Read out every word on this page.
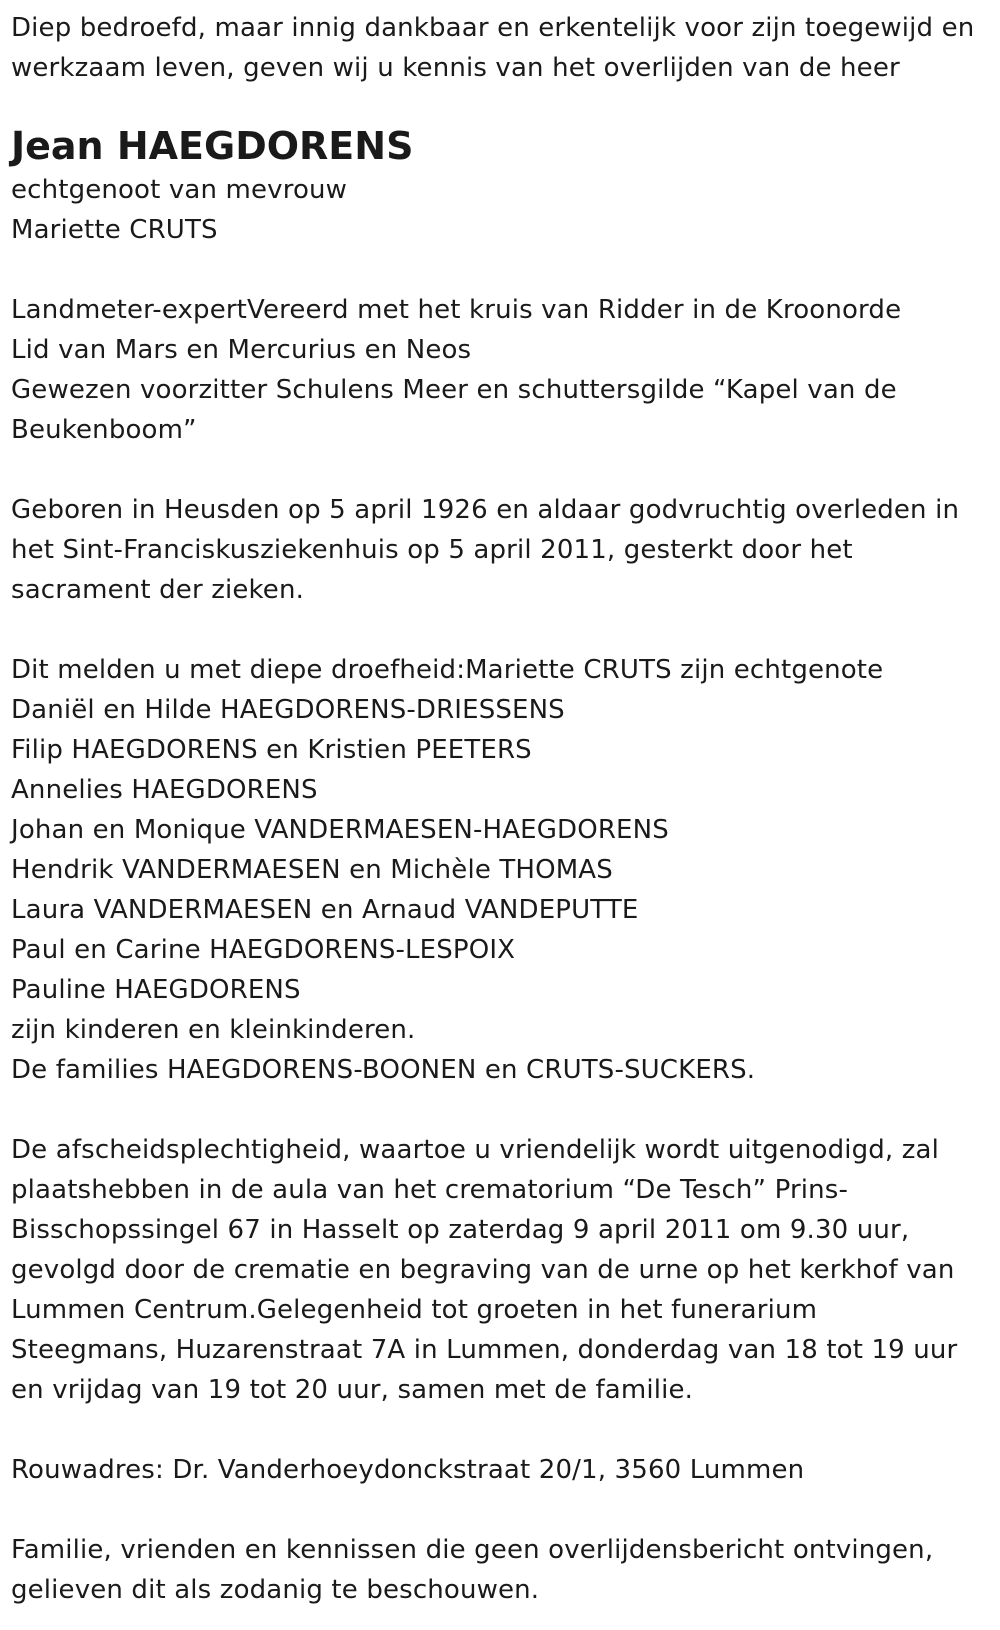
Diep bedroefd, maar innig dankbaar en erkentelijk voor zijn toegewijd en
werkzaam leven, geven wij u kennis van het overlijden van de heer

Jean HAEGDORENS

echtgenoot van mevrouw
Mariette CRUTS

Landmeter-expertVereerd met het kruis van Ridder in de Kroonorde
Lid van Mars en Mercurius en Neos
Gewezen voorzitter Schulens Meer en schuttersgilde “Kapel van de
Beukenboom”

Geboren in Heusden op 5 april 1926 en aldaar godvruchtig overleden in
het Sint-Franciskusziekenhuis op 5 april 2011, gesterkt door het
sacrament der zieken.

Dit melden u met diepe droefheid:Mariette CRUTS zijn echtgenote
Daniël en Hilde HAEGDORENS-DRIESSENS
Filip HAEGDORENS en Kristien PEETERS
Annelies HAEGDORENS
Johan en Monique VANDERMAESEN-HAEGDORENS
Hendrik VANDERMAESEN en Michèle THOMAS
Laura VANDERMAESEN en Arnaud VANDEPUTTE
Paul en Carine HAEGDORENS-LESPOIX
Pauline HAEGDORENS
zijn kinderen en kleinkinderen.
De families HAEGDORENS-BOONEN en CRUTS-SUCKERS.

De afscheidsplechtigheid, waartoe u vriendelijk wordt uitgenodigd, zal
plaatshebben in de aula van het crematorium “De Tesch” Prins-
Bisschopssingel 67 in Hasselt op zaterdag 9 april 2011 om 9.30 uur,
gevolgd door de crematie en begraving van de urne op het kerkhof van
Lummen Centrum.Gelegenheid tot groeten in het funerarium
Steegmans, Huzarenstraat 7A in Lummen, donderdag van 18 tot 19 uur
en vrijdag van 19 tot 20 uur, samen met de familie.

Rouwadres: Dr. Vanderhoeydonckstraat 20/1, 3560 Lummen

Familie, vrienden en kennissen die geen overlijdensbericht ontvingen,
gelieven dit als zodanig te beschouwen.
